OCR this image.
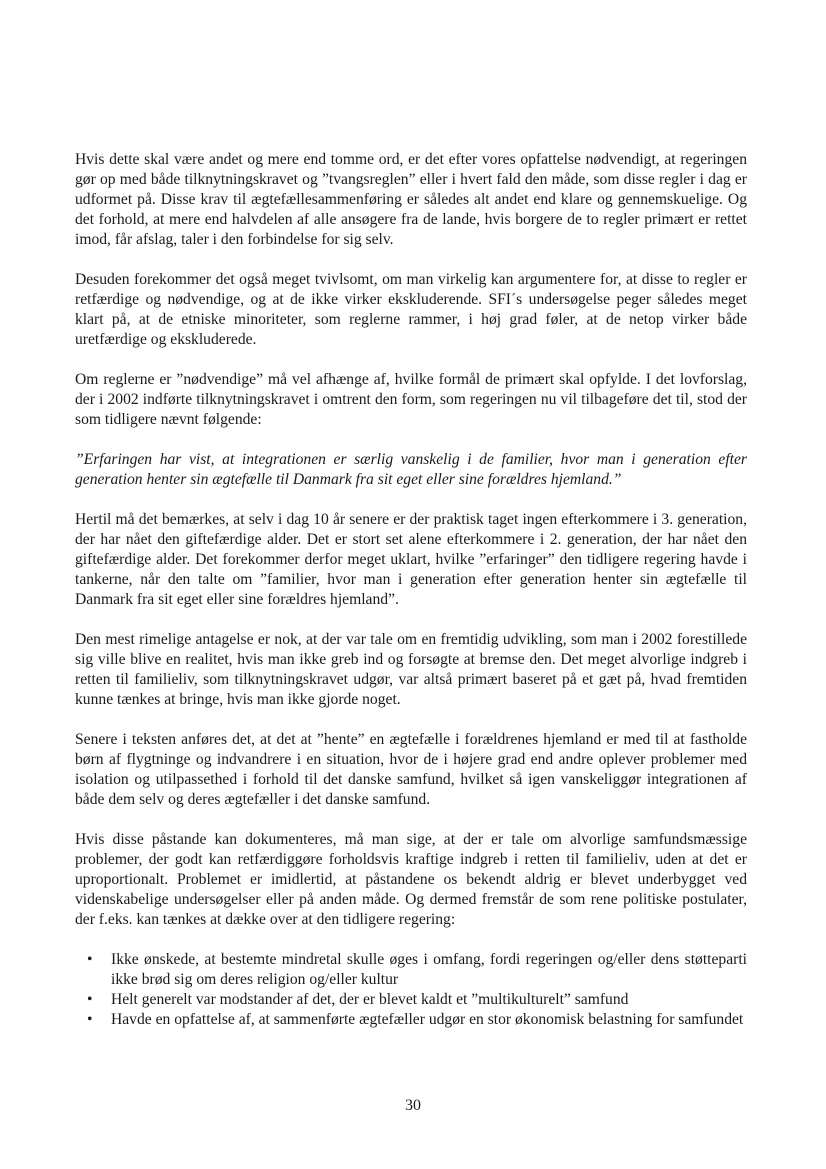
Hvis dette skal være andet og mere end tomme ord, er det efter vores opfattelse nødvendigt, at regeringen gør op med både tilknytningskravet og ”tvangsreglen” eller i hvert fald den måde, som disse regler i dag er udformet på. Disse krav til ægtefællesammenføring er således alt andet end klare og gennemskuelige. Og det forhold, at mere end halvdelen af alle ansøgere fra de lande, hvis borgere de to regler primært er rettet imod, får afslag, taler i den forbindelse for sig selv.

Desuden forekommer det også meget tvivlsomt, om man virkelig kan argumentere for, at disse to regler er retfærdige og nødvendige, og at de ikke virker ekskluderende. SFI´s undersøgelse peger således meget klart på, at de etniske minoriteter, som reglerne rammer, i høj grad føler, at de netop virker både uretfærdige og ekskluderede.

Om reglerne er ”nødvendige” må vel afhænge af, hvilke formål de primært skal opfylde. I det lovforslag, der i 2002 indførte tilknytningskravet i omtrent den form, som regeringen nu vil tilbageføre det til, stod der som tidligere nævnt følgende:

”Erfaringen har vist, at integrationen er særlig vanskelig i de familier, hvor man i generation efter generation henter sin ægtefælle til Danmark fra sit eget eller sine forældres hjemland.”

Hertil må det bemærkes, at selv i dag 10 år senere er der praktisk taget ingen efterkommere i 3. generation, der har nået den giftefærdige alder. Det er stort set alene efterkommere i 2. generation, der har nået den giftefærdige alder. Det forekommer derfor meget uklart, hvilke ”erfaringer” den tidligere regering havde i tankerne, når den talte om ”familier, hvor man i generation efter generation henter sin ægtefælle til Danmark fra sit eget eller sine forældres hjemland”.

Den mest rimelige antagelse er nok, at der var tale om en fremtidig udvikling, som man i 2002 forestillede sig ville blive en realitet, hvis man ikke greb ind og forsøgte at bremse den. Det meget alvorlige indgreb i retten til familieliv, som tilknytningskravet udgør, var altså primært baseret på et gæt på, hvad fremtiden kunne tænkes at bringe, hvis man ikke gjorde noget.

Senere i teksten anføres det, at det at ”hente” en ægtefælle i forældrenes hjemland er med til at fastholde børn af flygtninge og indvandrere i en situation, hvor de i højere grad end andre oplever problemer med isolation og utilpassethed i forhold til det danske samfund, hvilket så igen vanskeliggør integrationen af både dem selv og deres ægtefæller i det danske samfund.

Hvis disse påstande kan dokumenteres, må man sige, at der er tale om alvorlige samfundsmæssige problemer, der godt kan retfærdiggøre forholdsvis kraftige indgreb i retten til familieliv, uden at det er uproportionalt. Problemet er imidlertid, at påstandene os bekendt aldrig er blevet underbygget ved videnskabelige undersøgelser eller på anden måde. Og dermed fremstår de som rene politiske postulater, der f.eks. kan tænkes at dække over at den tidligere regering:

• Ikke ønskede, at bestemte mindretal skulle øges i omfang, fordi regeringen og/eller dens støtteparti ikke brød sig om deres religion og/eller kultur
• Helt generelt var modstander af det, der er blevet kaldt et ”multikulturelt” samfund
• Havde en opfattelse af, at sammenførte ægtefæller udgør en stor økonomisk belastning for samfundet
30
